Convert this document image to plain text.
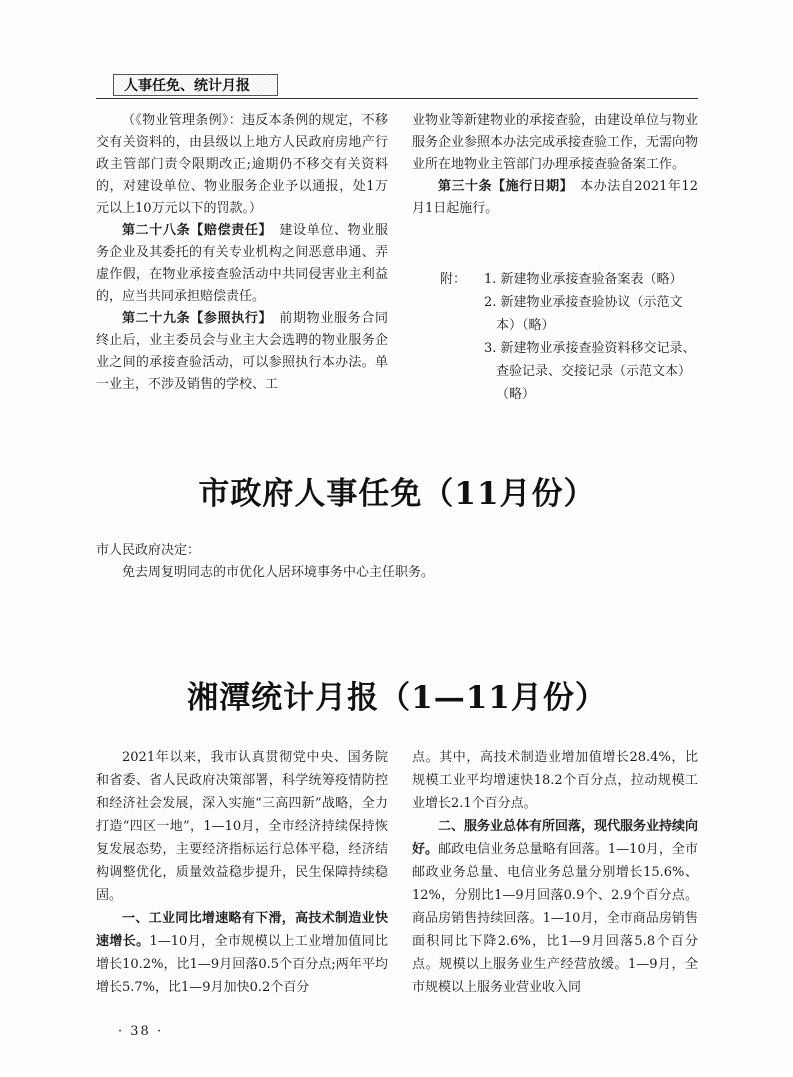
人事任免、统计月报

（《物业管理条例》：违反本条例的规定，不移交有关资料的，由县级以上地方人民政府房地产行政主管部门责令限期改正;逾期仍不移交有关资料的，对建设单位、物业服务企业予以通报，处1万元以上10万元以下的罚款。）

第二十八条【赔偿责任】　 建设单位、物业服务企业及其委托的有关专业机构之间恶意串通、弄虚作假，在物业承接查验活动中共同侵害业主利益的，应当共同承担赔偿责任。

第二十九条【参照执行】　 前期物业服务合同终止后，业主委员会与业主大会选聘的物业服务企业之间的承接查验活动，可以参照执行本办法。单一业主，不涉及销售的学校、工

业物业等新建物业的承接查验，由建设单位与物业服务企业参照本办法完成承接查验工作，无需向物业所在地物业主管部门办理承接查验备案工作。

第三十条【施行日期】　 本办法自2021年12月1日起施行。

附：	1. 新建物业承接查验备案表（略）
2. 新建物业承接查验协议（示范文
本）（略）
3. 新建物业承接查验资料移交记录、
查验记录、交接记录（示范文本）（略）
市政府人事任免（11月份）

市人民政府决定：

免去周复明同志的市优化人居环境事务中心主任职务。

湘潭统计月报（1—11月份）

2021年以来，我市认真贯彻党中央、国务院和省委、省人民政府决策部署，科学统筹疫情防控和经济社会发展，深入实施“三高四新”战略，全力打造“四区一地”，1—10月，全市经济持续保持恢复发展态势，主要经济指标运行总体平稳，经济结构调整优化，质量效益稳步提升，民生保障持续稳固。

一、工业同比增速略有下滑，高技术制造业快速增长。1—10月，全市规模以上工业增加值同比增长10.2%，比1—9月回落0.5个百分点;两年平均增长5.7%，比1—9月加快0.2个百分

点。其中，高技术制造业增加值增长28.4%，比规模工业平均增速快18.2个百分点，拉动规模工业增长2.1个百分点。

二、服务业总体有所回落，现代服务业持续向好。邮政电信业务总量略有回落。1—10月，全市邮政业务总量、电信业务总量分别增长15.6%、12%，分别比1—9月回落0.9个、2.9个百分点。商品房销售持续回落。1—10月，全市商品房销售面积同比下降2.6%，比1—9月回落5.8个百分点。规模以上服务业生产经营放缓。1—9月，全市规模以上服务业营业收入同

· 38 ·
